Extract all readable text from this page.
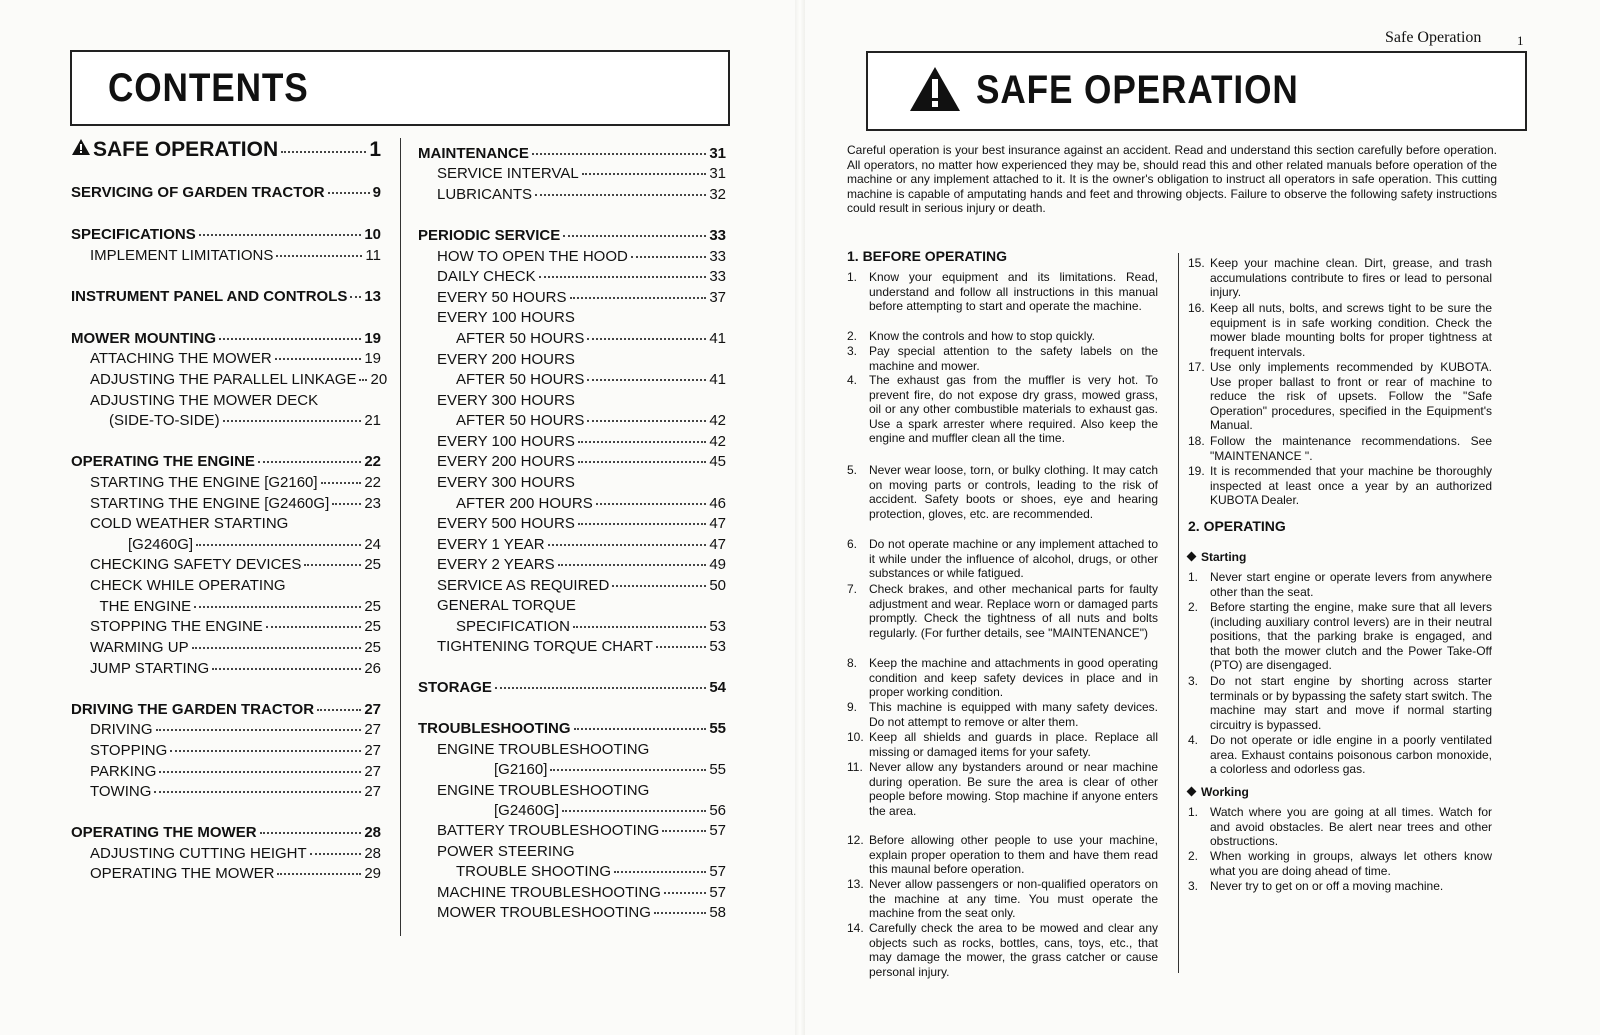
CONTENTS
SAFE OPERATION	1
SERVICING OF GARDEN TRACTOR	9
SPECIFICATIONS	10
IMPLEMENT LIMITATIONS	11
INSTRUMENT PANEL AND CONTROLS 13
MOWER MOUNTING	19
ATTACHING THE MOWER	19
ADJUSTING THE PARALLEL LINKAGE 20
ADJUSTING THE MOWER DECK
(SIDE-TO-SIDE)	21
OPERATING THE ENGINE	22
STARTING THE ENGINE [G2160]	22
STARTING THE ENGINE [G2460G] 23
COLD WEATHER STARTING
[G2460G]	24
CHECKING SAFETY DEVICES	25
CHECK WHILE OPERATING
THE ENGINE	25
STOPPING THE ENGINE	25
WARMING UP	25
JUMP STARTING	26
DRIVING THE GARDEN TRACTOR	27
DRIVING	27
STOPPING	27
PARKING	27
TOWING	27
OPERATING THE MOWER	28
ADJUSTING CUTTING HEIGHT	28
OPERATING THE MOWER	29
MAINTENANCE	31
SERVICE INTERVAL	31
LUBRICANTS	32
PERIODIC SERVICE	33
HOW TO OPEN THE HOOD	33
DAILY CHECK	33
EVERY 50 HOURS	37
EVERY 100 HOURS
AFTER 50 HOURS	41
EVERY 200 HOURS
AFTER 50 HOURS	41
EVERY 300 HOURS
AFTER 50 HOURS	42
EVERY 100 HOURS	42
EVERY 200 HOURS	45
EVERY 300 HOURS
AFTER 200 HOURS	46
EVERY 500 HOURS	47
EVERY 1 YEAR	47
EVERY 2 YEARS	49
SERVICE AS REQUIRED	50
GENERAL TORQUE
SPECIFICATION	53
TIGHTENING TORQUE CHART	53
STORAGE	54
TROUBLESHOOTING	55
ENGINE TROUBLESHOOTING
[G2160]	55
ENGINE TROUBLESHOOTING
[G2460G]	56
BATTERY TROUBLESHOOTING	57
POWER STEERING
TROUBLE SHOOTING	57
MACHINE TROUBLESHOOTING	57
MOWER TROUBLESHOOTING	58
Safe Operation	1
SAFE OPERATION
Careful operation is your best insurance against an accident. Read and understand this section carefully before operation. All operators, no matter how experienced they may be, should read this and other related manuals before operation of the machine or any implement attached to it. It is the owner's obligation to instruct all operators in safe operation. This cutting machine is capable of amputating hands and feet and throwing objects. Failure to observe the following safety instructions could result in serious injury or death.
1. BEFORE OPERATING
1. Know your equipment and its limitations. Read, understand and follow all instructions in this manual before attempting to start and operate the machine.
2. Know the controls and how to stop quickly.
3. Pay special attention to the safety labels on the machine and mower.
4. The exhaust gas from the muffler is very hot. To prevent fire, do not expose dry grass, mowed grass, oil or any other combustible materials to exhaust gas. Use a spark arrester where required. Also keep the engine and muffler clean all the time.
5. Never wear loose, torn, or bulky clothing. It may catch on moving parts or controls, leading to the risk of accident. Safety boots or shoes, eye and hearing protection, gloves, etc. are recommended.
6. Do not operate machine or any implement attached to it while under the influence of alcohol, drugs, or other substances or while fatigued.
7. Check brakes, and other mechanical parts for faulty adjustment and wear. Replace worn or damaged parts promptly. Check the tightness of all nuts and bolts regularly. (For further details, see "MAINTENANCE")
8. Keep the machine and attachments in good operating condition and keep safety devices in place and in proper working condition.
9. This machine is equipped with many safety devices. Do not attempt to remove or alter them.
10. Keep all shields and guards in place. Replace all missing or damaged items for your safety.
11. Never allow any bystanders around or near machine during operation. Be sure the area is clear of other people before mowing. Stop machine if anyone enters the area.
12. Before allowing other people to use your machine, explain proper operation to them and have them read this maunal before operation.
13. Never allow passengers or non-qualified operators on the machine at any time. You must operate the machine from the seat only.
14. Carefully check the area to be mowed and clear any objects such as rocks, bottles, cans, toys, etc., that may damage the mower, the grass catcher or cause personal injury.
15. Keep your machine clean. Dirt, grease, and trash accumulations contribute to fires or lead to personal injury.
16. Keep all nuts, bolts, and screws tight to be sure the equipment is in safe working condition. Check the mower blade mounting bolts for proper tightness at frequent intervals.
17. Use only implements recommended by KUBOTA. Use proper ballast to front or rear of machine to reduce the risk of upsets. Follow the "Safe Operation" procedures, specified in the Equipment's Manual.
18. Follow the maintenance recommendations. See "MAINTENANCE ".
19. It is recommended that your machine be thoroughly inspected at least once a year by an authorized KUBOTA Dealer.
2. OPERATING
Starting
1. Never start engine or operate levers from anywhere other than the seat.
2. Before starting the engine, make sure that all levers (including auxiliary control levers) are in their neutral positions, that the parking brake is engaged, and that both the mower clutch and the Power Take-Off (PTO) are disengaged.
3. Do not start engine by shorting across starter terminals or by bypassing the safety start switch. The machine may start and move if normal starting circuitry is bypassed.
4. Do not operate or idle engine in a poorly ventilated area. Exhaust contains poisonous carbon monoxide, a colorless and odorless gas.
Working
1. Watch where you are going at all times. Watch for and avoid obstacles. Be alert near trees and other obstructions.
2. When working in groups, always let others know what you are doing ahead of time.
3. Never try to get on or off a moving machine.
